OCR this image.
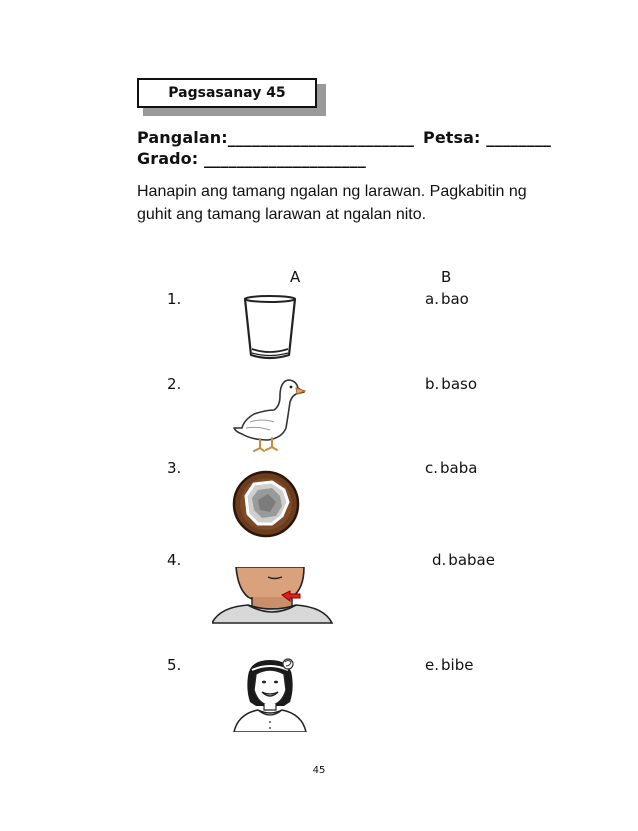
Pagsasanay 45
Pangalan:_______________________ Petsa: ________
Grado: ____________________
Hanapin ang tamang ngalan ng larawan. Pagkabitin ng guhit ang tamang larawan at ngalan nito.
A	B
1.
2.
3.
4.
5.
a. bao
b. baso
c. baba
d. babae
e. bibe
45
